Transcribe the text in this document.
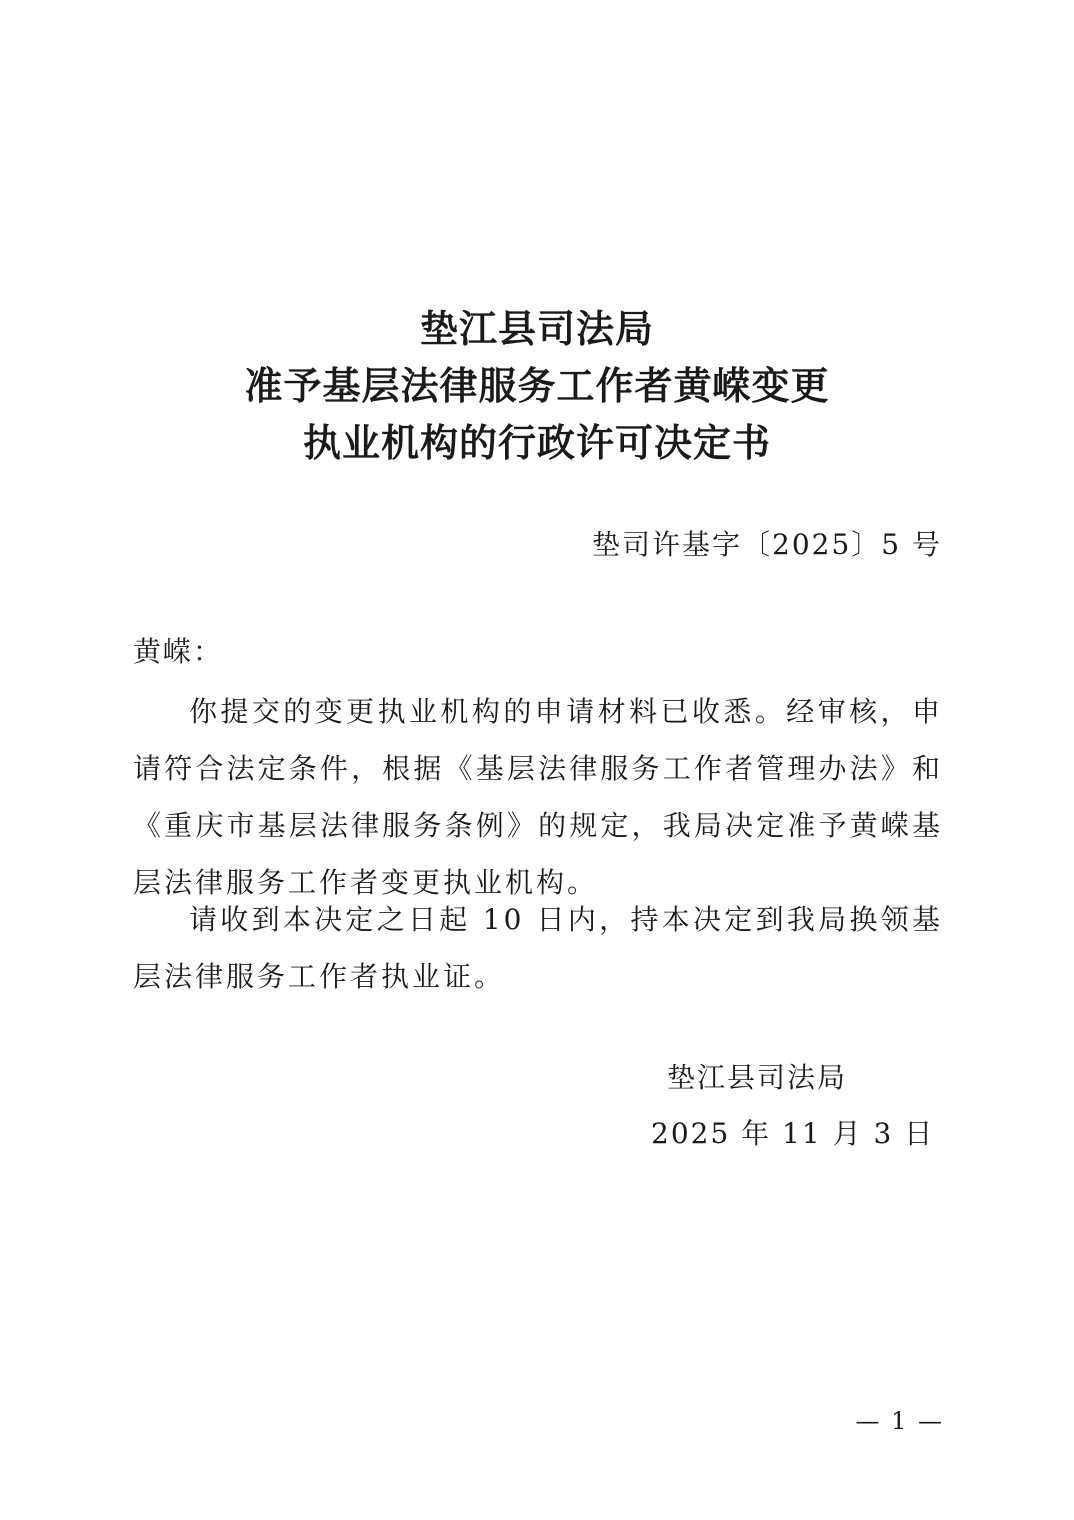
垫江县司法局
准予基层法律服务工作者黄嵘变更
执业机构的行政许可决定书
垫司许基字〔2025〕5 号
黄嵘：

你提交的变更执业机构的申请材料已收悉。经审核，申请符合法定条件，根据《基层法律服务工作者管理办法》和《重庆市基层法律服务条例》的规定，我局决定准予黄嵘基层法律服务工作者变更执业机构。

请收到本决定之日起 10 日内，持本决定到我局换领基层法律服务工作者执业证。

垫江县司法局
2025 年 11 月 3 日
— 1 —
